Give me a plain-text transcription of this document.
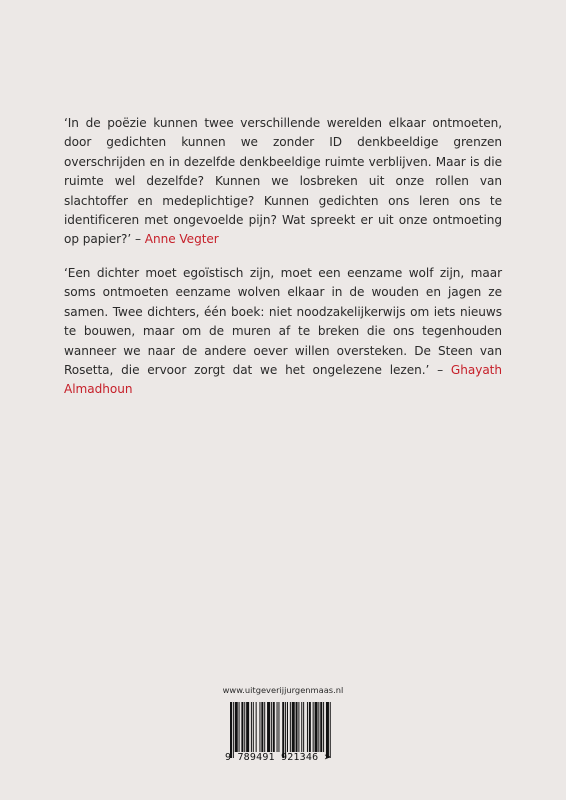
‘In de poëzie kunnen twee verschillende werelden elkaar ontmoeten, door gedichten kunnen we zonder ID denkbeeldige grenzen overschrijden en in dezelfde denkbeeldige ruimte verblijven. Maar is die ruimte wel dezelfde? Kunnen we losbreken uit onze rollen van slachtoffer en medeplichtige? Kunnen gedichten ons leren ons te identificeren met ongevoelde pijn? Wat spreekt er uit onze ontmoeting op papier?’ – Anne Vegter
‘Een dichter moet egoïstisch zijn, moet een eenzame wolf zijn, maar soms ontmoeten eenzame wolven elkaar in de wouden en jagen ze samen. Twee dichters, één boek: niet noodzakelijkerwijs om iets nieuws te bouwen, maar om de muren af te breken die ons tegenhouden wanneer we naar de andere oever willen oversteken. De Steen van Rosetta, die ervoor zorgt dat we het ongelezene lezen.’ – Ghayath Almadhoun
www.uitgeverijjurgenmaas.nl
9 789491 921346 >
